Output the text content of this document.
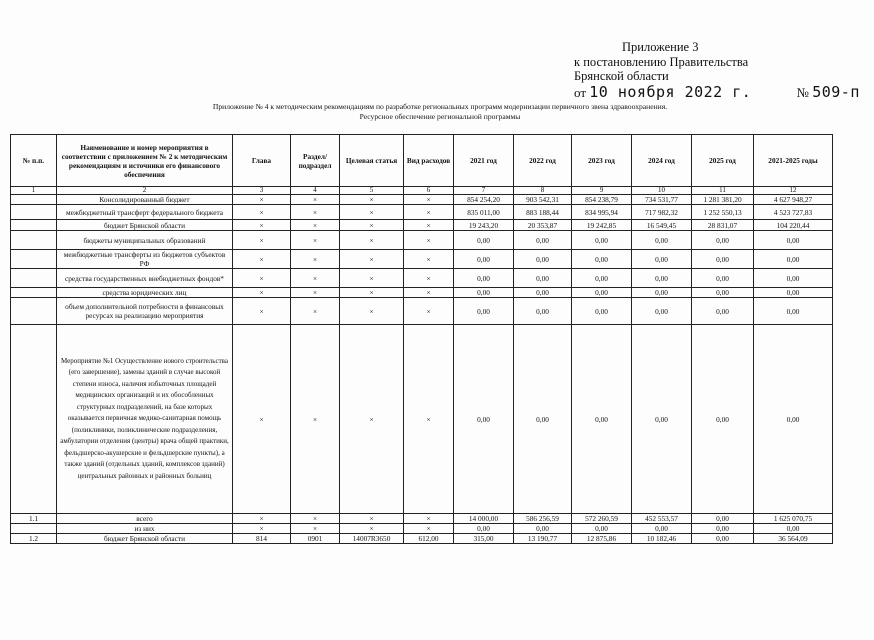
Приложение 3
к постановлению Правительства
Брянской области
от 10 ноября 2022 г.	№ 509-п
Приложение № 4 к методическим рекомендациям по разработке региональных программ модернизации первичного звена здравоохранения.
Ресурсное обеспечение региональной программы
№ п.п.	Наименование и номер мероприятия в соответствии с приложением № 2 к методическим рекомендациям и источники его финансового обеспечения	Глава	Раздел/подраздел	Целевая статья	Вид расходов	2021 год	2022 год	2023 год	2024 год	2025 год	2021-2025 годы
1	2	3	4	5	6	7	8	9	10	11	12
	Консолидированный бюджет	×	×	×	×	854 254,20	903 542,31	854 238,79	734 531,77	1 281 381,20	4 627 948,27
	межбюджетный трансферт федерального бюджета	×	×	×	×	835 011,00	883 188,44	834 995,94	717 982,32	1 252 550,13	4 523 727,83
	бюджет Брянской области	×	×	×	×	19 243,20	20 353,87	19 242,85	16 549,45	28 831,07	104 220,44
	бюджеты муниципальных образований	×	×	×	×	0,00	0,00	0,00	0,00	0,00	0,00
	межбюджетные трансферты из бюджетов субъектов РФ	×	×	×	×	0,00	0,00	0,00	0,00	0,00	0,00
	средства государственных внебюджетных фондов*	×	×	×	×	0,00	0,00	0,00	0,00	0,00	0,00
	средства юридических лиц	×	×	×	×	0,00	0,00	0,00	0,00	0,00	0,00
	объем дополнительной потребности в финансовых ресурсах на реализацию мероприятия	×	×	×	×	0,00	0,00	0,00	0,00	0,00	0,00
	Мероприятие №1 Осуществление нового строительства (его завершение), замены зданий в случае высокой степени износа, наличия избыточных площадей медицинских организаций и их обособленных структурных подразделений, на базе которых оказывается первичная медико-санитарная помощь (поликлиники, поликлинические подразделения, амбулатории отделения (центры) врача общей практики, фельдшерско-акушерские и фельдшерские пункты), а также зданий (отдельных зданий, комплексов зданий) центральных районных и районных больниц	×	×	×	×	0,00	0,00	0,00	0,00	0,00	0,00
1.1	всего	×	×	×	×	14 000,00	586 256,59	572 260,59	452 553,57	0,00	1 625 070,75
	из них	×	×	×	×	0,00	0,00	0,00	0,00	0,00	0,00
1.2	бюджет Брянской области	814	0901	14007R3650	612,00	315,00	13 190,77	12 875,86	10 182,46	0,00	36 564,09
